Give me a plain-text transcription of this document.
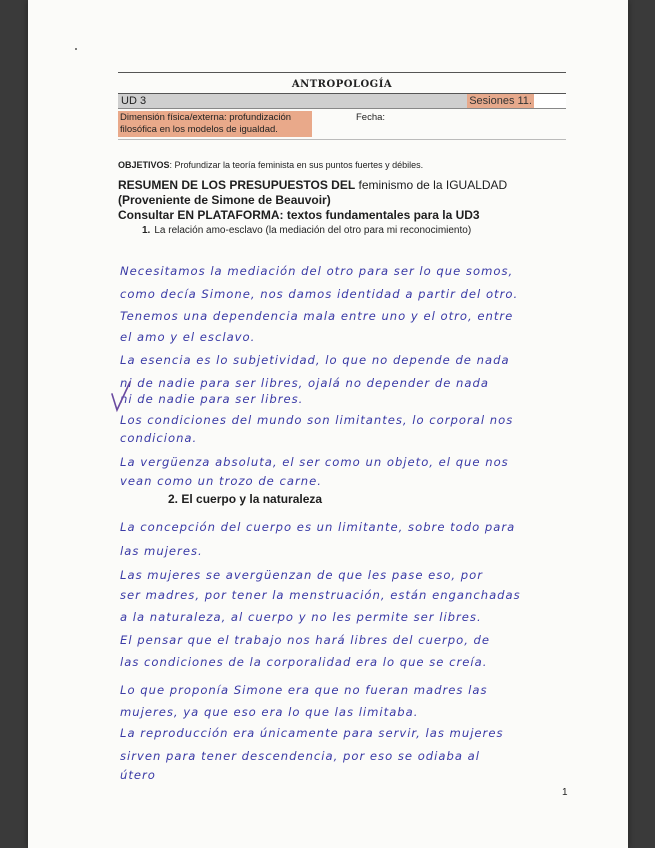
ANTROPOLOGÍA
UD 3	Sesiones 11.
Dimensión física/externa: profundización filosófica en los modelos de igualdad.
Fecha:
OBJETIVOS: Profundizar la teoría feminista en sus puntos fuertes y débiles.
RESUMEN DE LOS PRESUPUESTOS DEL feminismo de la IGUALDAD
(Proveniente de Simone de Beauvoir)
Consultar EN PLATAFORMA: textos fundamentales para la UD3
1. La relación amo-esclavo (la mediación del otro para mi reconocimiento)
Necesitamos la mediación del otro para ser lo que somos,
como decía Simone, nos damos identidad a partir del otro.
Tenemos una dependencia mala entre uno y el otro, entre
el amo y el esclavo.
La esencia es lo subjetividad, lo que no depende de nada
ni de nadie para ser libres, ojalá no depender de nada
ni de nadie para ser libres.
Los condiciones del mundo son limitantes, lo corporal nos
condiciona.
La vergüenza absoluta, el ser como un objeto, el que nos
vean como un trozo de carne.
2. El cuerpo y la naturaleza
La concepción del cuerpo es un limitante, sobre todo para
las mujeres.
Las mujeres se avergüenzan de que les pase eso, por
ser madres, por tener la menstruación, están enganchadas
a la naturaleza, al cuerpo y no les permite ser libres.
El pensar que el trabajo nos hará libres del cuerpo, de
las condiciones de la corporalidad era lo que se creía.
Lo que proponía Simone era que no fueran madres las
mujeres, ya que eso era lo que las limitaba.
La reproducción era únicamente para servir, las mujeres
sirven para tener descendencia, por eso se odiaba al
útero
1
